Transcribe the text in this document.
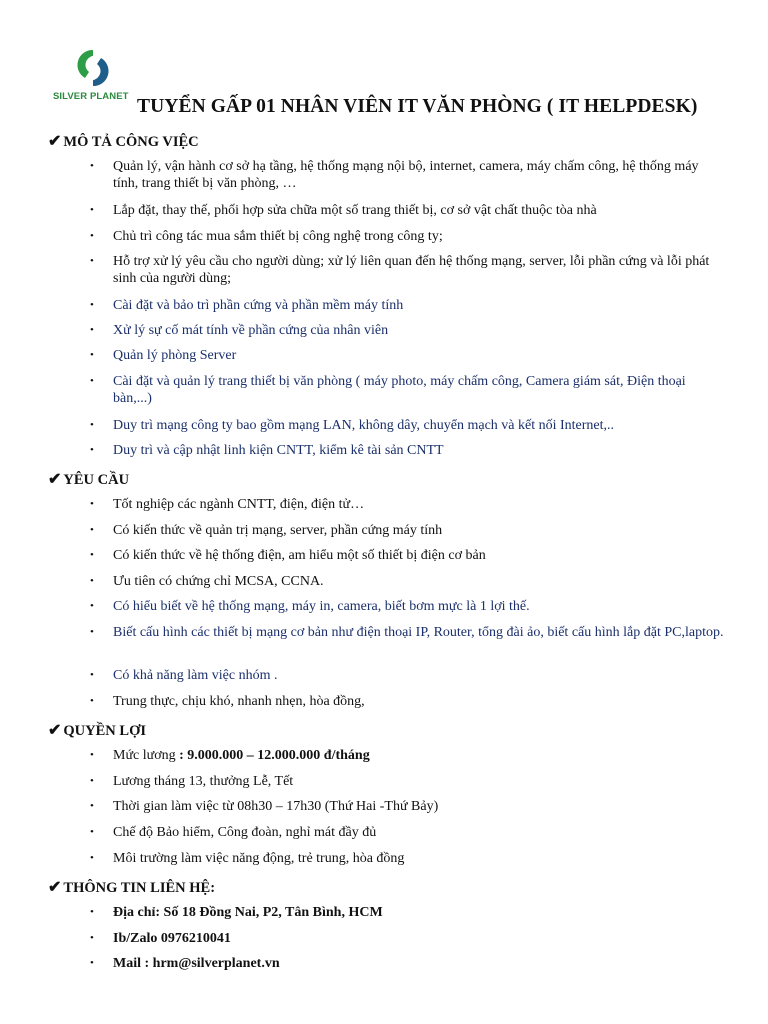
SILVER PLANET TUYỂN GẤP 01 NHÂN VIÊN IT VĂN PHÒNG ( IT HELPDESK)
✔ MÔ TẢ CÔNG VIỆC
• Quản lý, vận hành cơ sở hạ tầng, hệ thống mạng nội bộ, internet, camera, máy chấm công, hệ thống máy tính, trang thiết bị văn phòng, …
• Lắp đặt, thay thế, phối hợp sửa chữa một số trang thiết bị, cơ sở vật chất thuộc tòa nhà
• Chủ trì công tác mua sắm thiết bị công nghệ trong công ty;
• Hỗ trợ xử lý yêu cầu cho người dùng; xử lý liên quan đến hệ thống mạng, server, lỗi phần cứng và lỗi phát sinh của người dùng;
• Cài đặt và bảo trì phần cứng và phần mềm máy tính
• Xử lý sự cố mát tính về phần cứng của nhân viên
• Quản lý phòng Server
• Cài đặt và quản lý trang thiết bị văn phòng ( máy photo, máy chấm công, Camera giám sát, Điện thoại bàn,...)
• Duy trì mạng công ty bao gồm mạng LAN, không dây, chuyển mạch và kết nối Internet,..
• Duy trì và cập nhật linh kiện CNTT, kiểm kê tài sản CNTT
✔ YÊU CẦU
• Tốt nghiệp các ngành CNTT, điện, điện tử…
• Có kiến thức về quản trị mạng, server, phần cứng máy tính
• Có kiến thức về hệ thống điện, am hiểu một số thiết bị điện cơ bản
• Ưu tiên có chứng chỉ MCSA, CCNA.
• Có hiểu biết về hệ thống mạng, máy in, camera, biết bơm mực là 1 lợi thế.
• Biết cấu hình các thiết bị mạng cơ bản như điện thoại IP, Router, tổng đài ảo, biết cấu hình lắp đặt PC,laptop.
• Có khả năng làm việc nhóm .
• Trung thực, chịu khó, nhanh nhẹn, hòa đồng,
✔ QUYỀN LỢI
• Mức lương : 9.000.000 – 12.000.000 đ/tháng
• Lương tháng 13, thưởng Lễ, Tết
• Thời gian làm việc từ 08h30 – 17h30 (Thứ Hai -Thứ Bảy)
• Chế độ Bảo hiểm, Công đoàn, nghỉ mát đầy đủ
• Môi trường làm việc năng động, trẻ trung, hòa đồng
✔ THÔNG TIN LIÊN HỆ:
• Địa chỉ: Số 18 Đồng Nai, P2, Tân Bình, HCM
• Ib/Zalo 0976210041
• Mail : hrm@silverplanet.vn
